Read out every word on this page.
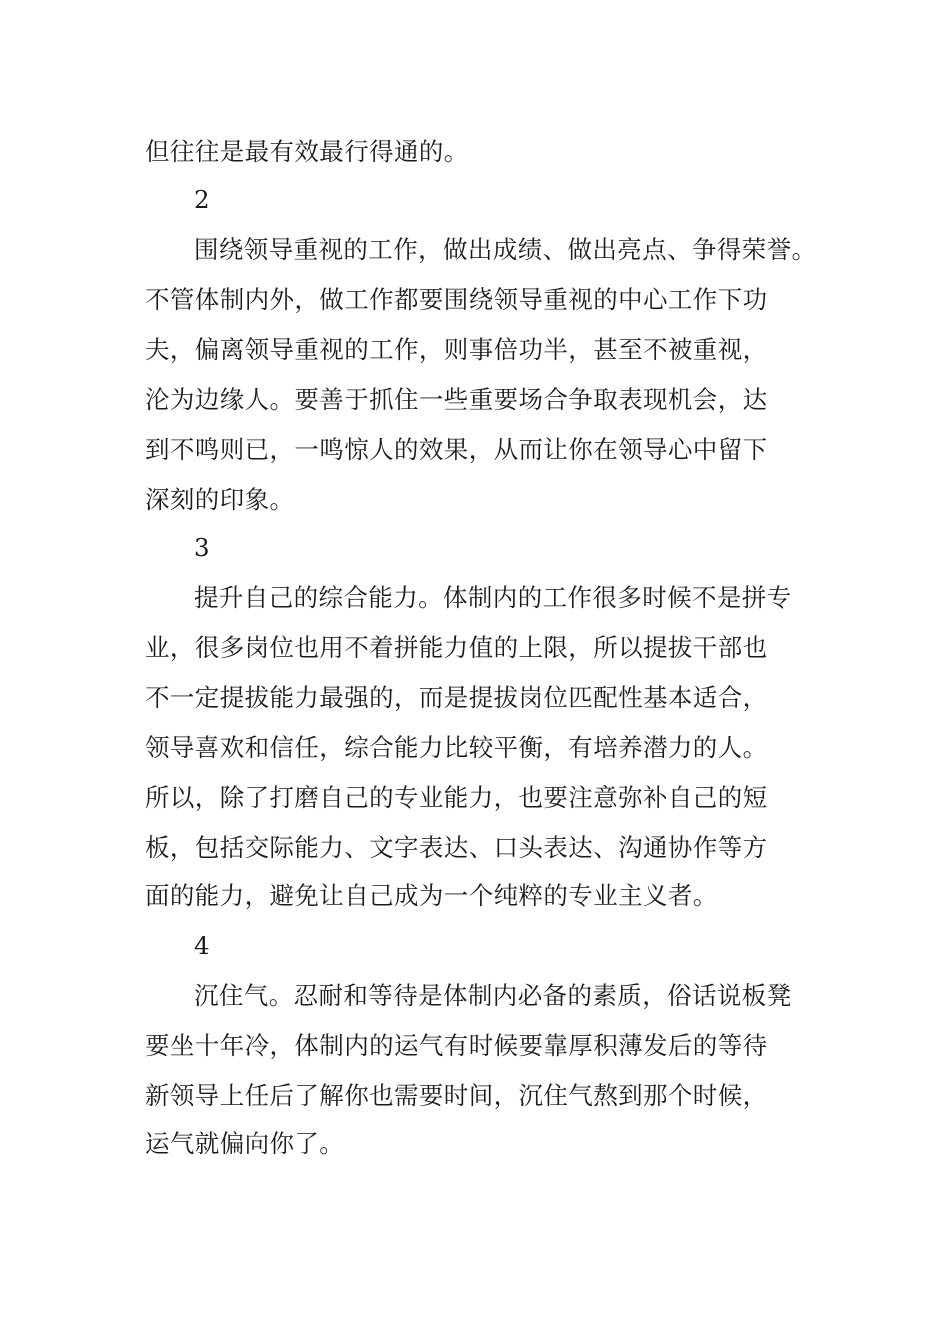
但往往是最有效最行得通的。
2
围绕领导重视的工作，做出成绩、做出亮点、争得荣誉。
不管体制内外，做工作都要围绕领导重视的中心工作下功
夫，偏离领导重视的工作，则事倍功半，甚至不被重视，
沦为边缘人。要善于抓住一些重要场合争取表现机会，达
到不鸣则已，一鸣惊人的效果，从而让你在领导心中留下
深刻的印象。
3
提升自己的综合能力。体制内的工作很多时候不是拼专
业，很多岗位也用不着拼能力值的上限，所以提拔干部也
不一定提拔能力最强的，而是提拔岗位匹配性基本适合，
领导喜欢和信任，综合能力比较平衡，有培养潜力的人。
所以，除了打磨自己的专业能力，也要注意弥补自己的短
板，包括交际能力、文字表达、口头表达、沟通协作等方
面的能力，避免让自己成为一个纯粹的专业主义者。
4
沉住气。忍耐和等待是体制内必备的素质，俗话说板凳
要坐十年冷，体制内的运气有时候要靠厚积薄发后的等待
新领导上任后了解你也需要时间，沉住气熬到那个时候，
运气就偏向你了。
